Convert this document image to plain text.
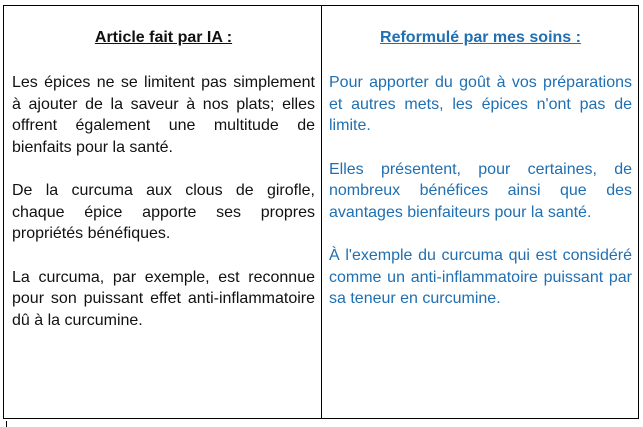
Article fait par IA :

Les épices ne se limitent pas simplement à ajouter de la saveur à nos plats; elles offrent également une multitude de bienfaits pour la santé.

De la curcuma aux clous de girofle, chaque épice apporte ses propres propriétés bénéfiques.

La curcuma, par exemple, est reconnue pour son puissant effet anti-inflammatoire dû à la curcumine.

Reformulé par mes soins :

Pour apporter du goût à vos préparations et autres mets, les épices n'ont pas de limite.

Elles présentent, pour certaines, de nombreux bénéfices ainsi que des avantages bienfaiteurs pour la santé.

À l'exemple du curcuma qui est considéré comme un anti-inflammatoire puissant par sa teneur en curcumine.
